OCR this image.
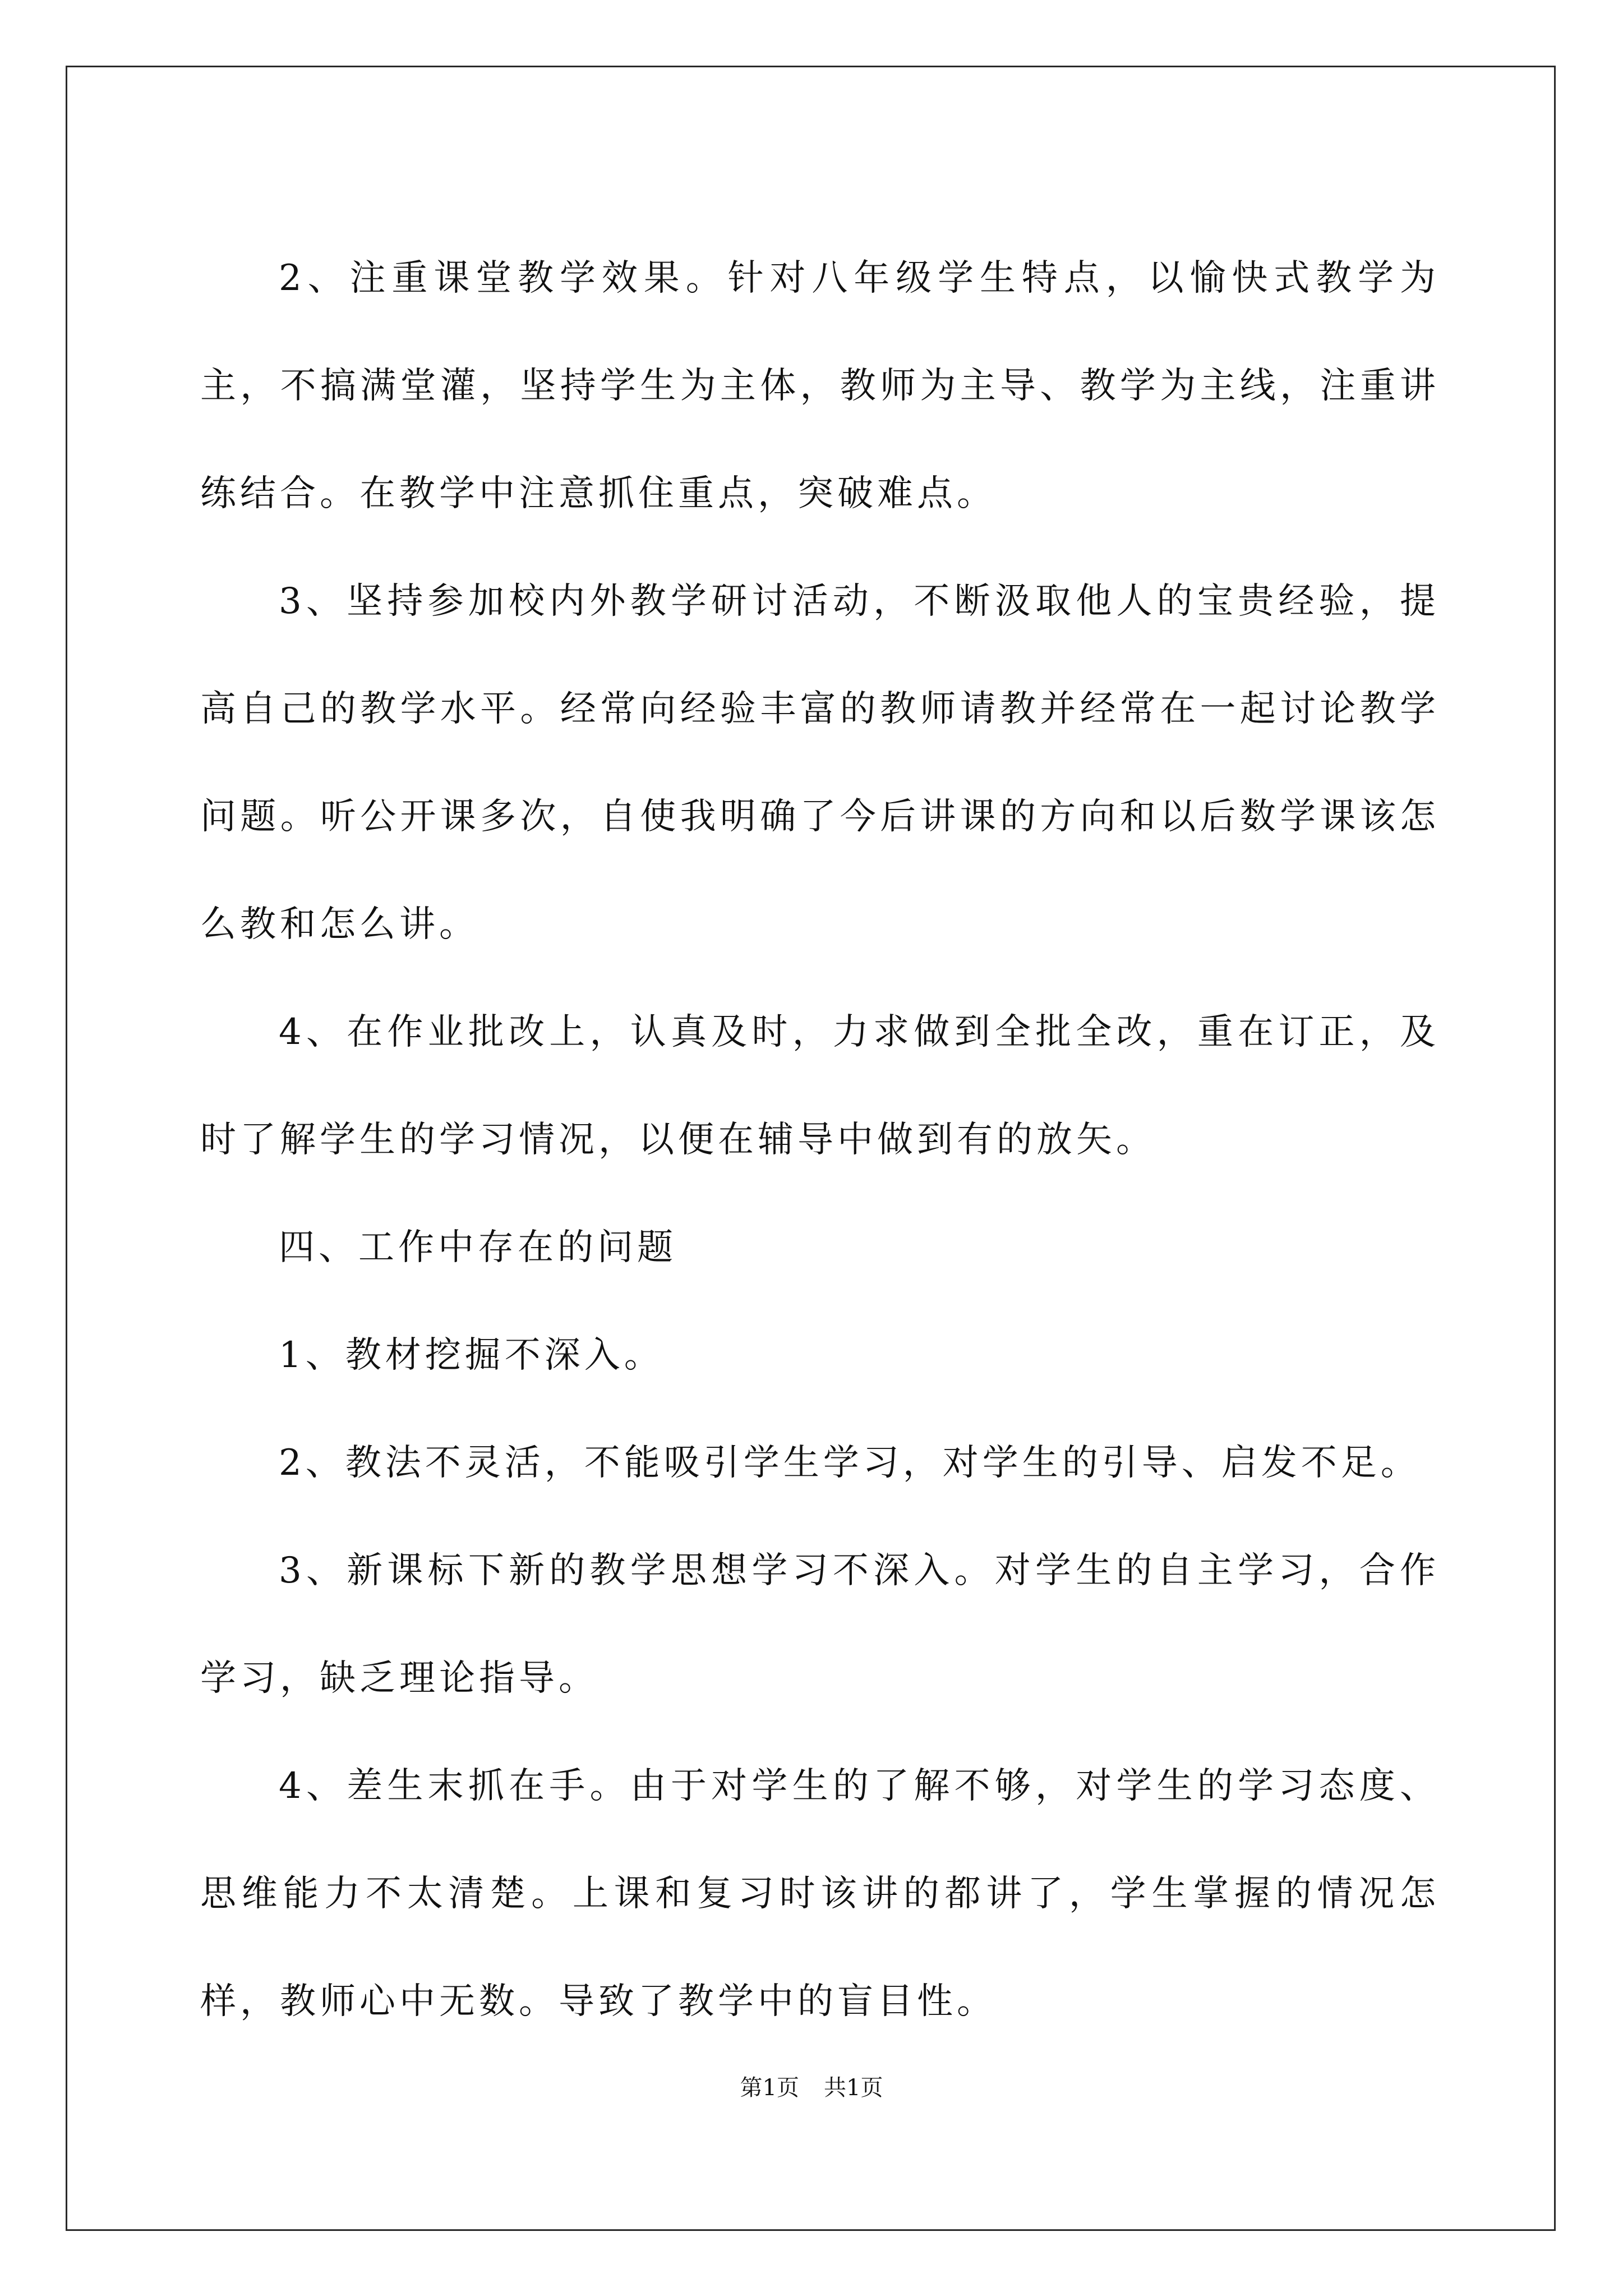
2、注重课堂教学效果。针对八年级学生特点，以愉快式教学为主，不搞满堂灌，坚持学生为主体，教师为主导、教学为主线，注重讲练结合。在教学中注意抓住重点，突破难点。

3、坚持参加校内外教学研讨活动，不断汲取他人的宝贵经验，提高自己的教学水平。经常向经验丰富的教师请教并经常在一起讨论教学问题。听公开课多次，自使我明确了今后讲课的方向和以后数学课该怎么教和怎么讲。

4、在作业批改上，认真及时，力求做到全批全改，重在订正，及时了解学生的学习情况，以便在辅导中做到有的放矢。

四、工作中存在的问题

1、教材挖掘不深入。

2、教法不灵活，不能吸引学生学习，对学生的引导、启发不足。

3、新课标下新的教学思想学习不深入。对学生的自主学习，合作学习，缺乏理论指导。

4、差生末抓在手。由于对学生的了解不够，对学生的学习态度、思维能力不太清楚。上课和复习时该讲的都讲了，学生掌握的情况怎样，教师心中无数。导致了教学中的盲目性。

第1页 共1页
